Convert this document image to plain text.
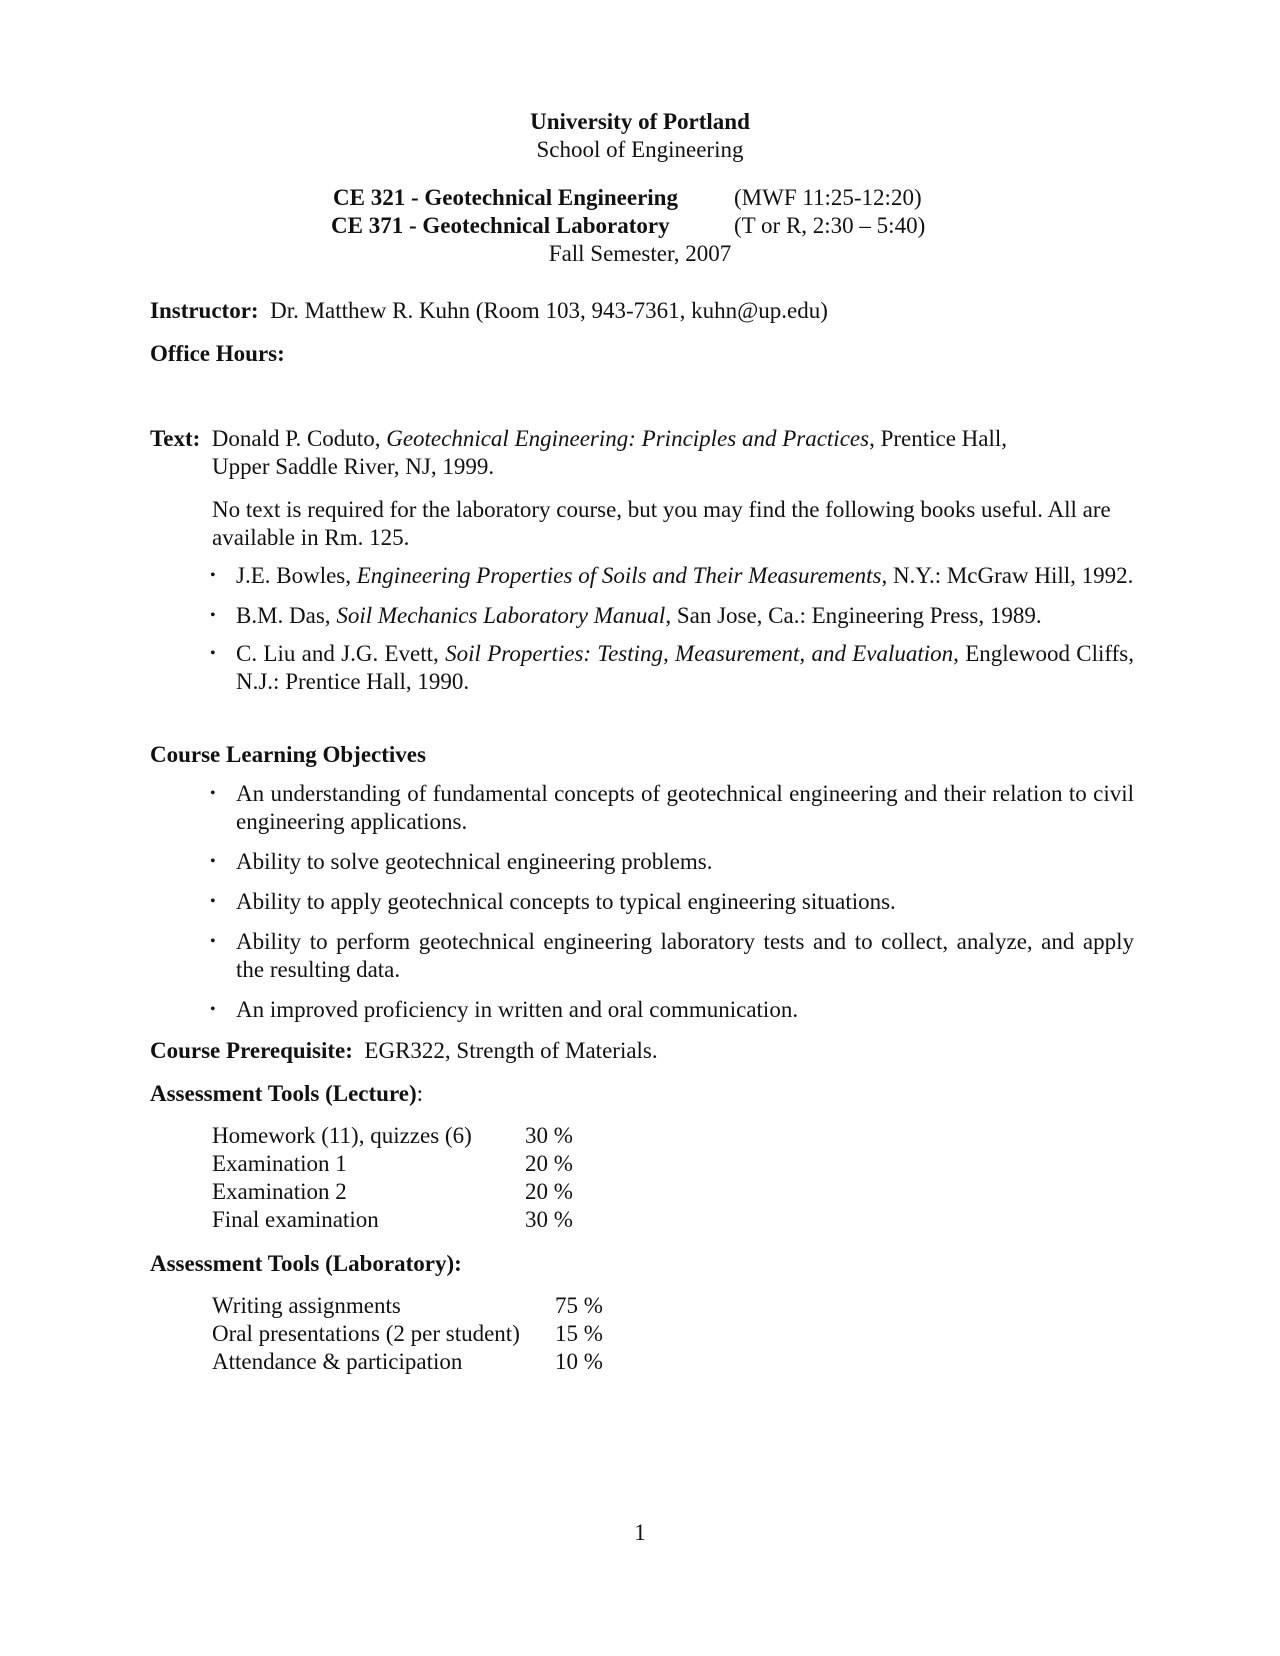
University of Portland
School of Engineering
CE 321 - Geotechnical Engineering (MWF 11:25-12:20)
CE 371 - Geotechnical Laboratory	(T or R, 2:30 – 5:40)
Fall Semester, 2007
Instructor: Dr. Matthew R. Kuhn (Room 103, 943-7361, kuhn@up.edu)
Office Hours:
Text: Donald P. Coduto, Geotechnical Engineering: Principles and Practices, Prentice Hall,
Upper Saddle River, NJ, 1999.
No text is required for the laboratory course, but you may find the following books useful. All are available in Rm. 125.
• J.E. Bowles, Engineering Properties of Soils and Their Measurements, N.Y.: McGraw Hill, 1992.
• B.M. Das, Soil Mechanics Laboratory Manual, San Jose, Ca.: Engineering Press, 1989.
• C. Liu and J.G. Evett, Soil Properties: Testing, Measurement, and Evaluation, Englewood Cliffs, N.J.: Prentice Hall, 1990.
Course Learning Objectives
• An understanding of fundamental concepts of geotechnical engineering and their relation to civil engineering applications.
• Ability to solve geotechnical engineering problems.
• Ability to apply geotechnical concepts to typical engineering situations.
• Ability to perform geotechnical engineering laboratory tests and to collect, analyze, and apply the resulting data.
• An improved proficiency in written and oral communication.
Course Prerequisite: EGR322, Strength of Materials.
Assessment Tools (Lecture):
Homework (11), quizzes (6) 30 %
Examination 1	20 %
Examination 2	20 %
Final examination	30 %
Assessment Tools (Laboratory):
Writing assignments	75 %
Oral presentations (2 per student) 15 %
Attendance & participation	10 %
1
